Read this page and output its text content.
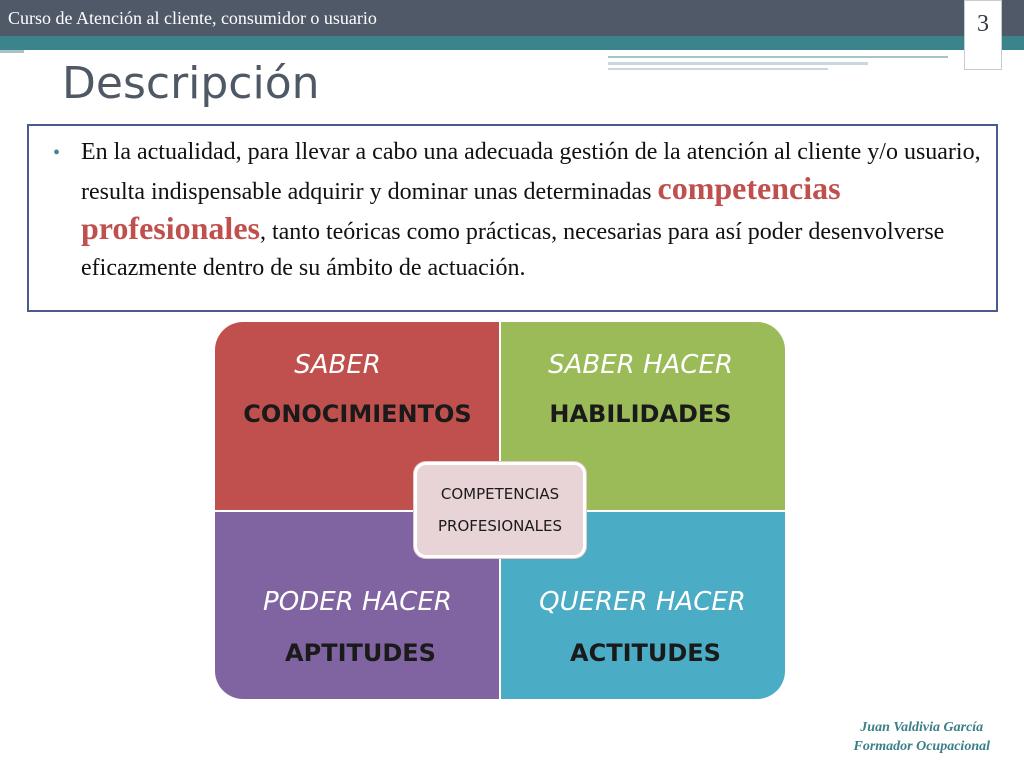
Curso de Atención al cliente, consumidor o usuario	3
Descripción
• En la actualidad, para llevar a cabo una adecuada gestión de la atención al cliente y/o usuario, resulta indispensable adquirir y dominar unas determinadas competencias profesionales, tanto teóricas como prácticas, necesarias para así poder desenvolverse eficazmente dentro de su ámbito de actuación.

SABER
CONOCIMIENTOS
SABER HACER
HABILIDADES
PODER HACER
APTITUDES
QUERER HACER
ACTITUDES
COMPETENCIAS
PROFESIONALES
Juan Valdivia García
Formador Ocupacional
